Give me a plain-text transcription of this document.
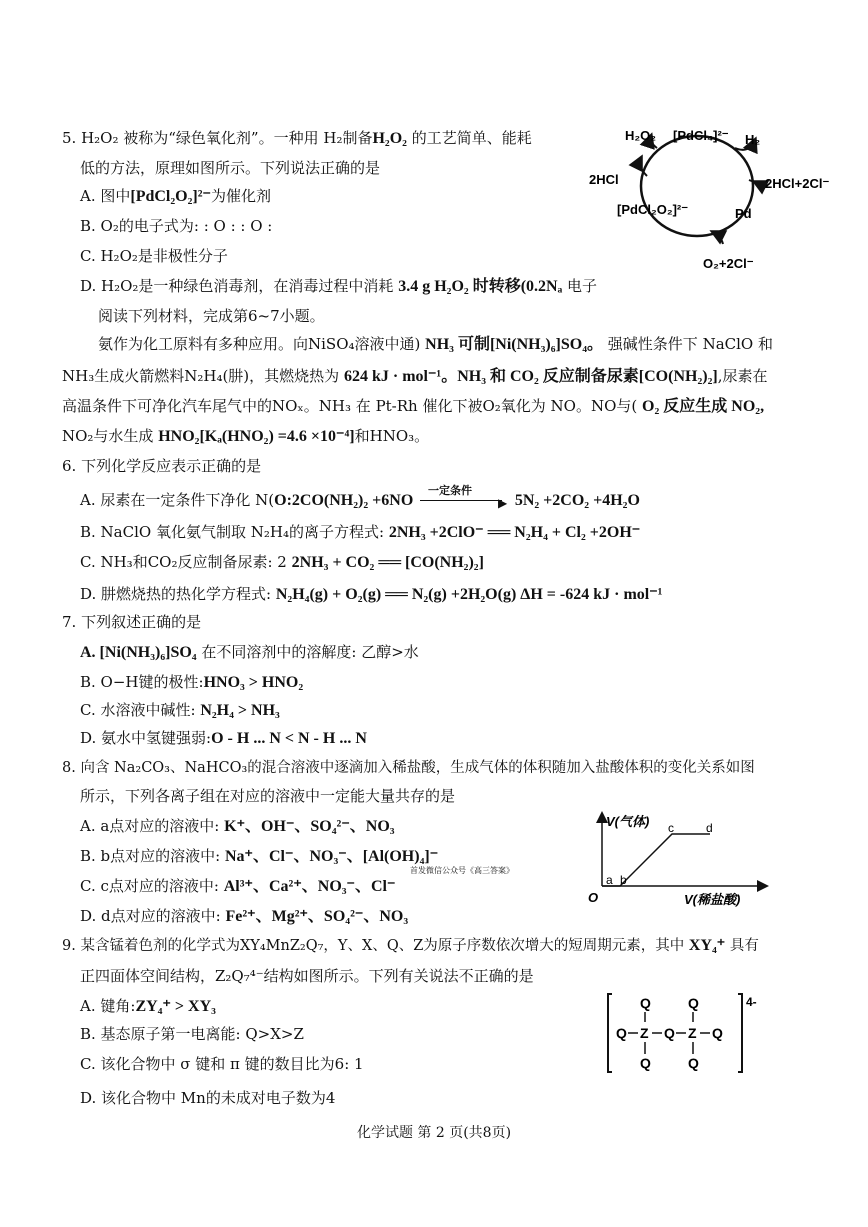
5. H₂O₂ 被称为“绿色氧化剂”。一种用 H₂制备H₂O₂ 的工艺简单、能耗
低的方法，原理如图所示。下列说法正确的是
A. 图中[PdCl₂O₂]²⁻为催化剂
B. O₂的电子式为: : O : : O :
C. H₂O₂是非极性分子
D. H₂O₂是一种绿色消毒剂，在消毒过程中消耗 3.4 g H₂O₂ 时转移(0.2Nₐ 电子
H₂O₂ [PdCl₄]²⁻ H₂
2HCl	2HCl+2Cl⁻
[PdCl₂O₂]²⁻	Pd
O₂+2Cl⁻
阅读下列材料，完成第6~7小题。
氨作为化工原料有多种应用。向NiSO₄溶液中通) NH₃ 可制[Ni(NH₃)₆]SO₄。 强碱性条件下 NaClO 和
NH₃生成火箭燃料N₂H₄(肼)，其燃烧热为 624 kJ · mol⁻¹。NH₃ 和 CO₂ 反应制备尿素[CO(NH₂)₂],尿素在
高温条件下可净化汽车尾气中的NOₓ。NH₃ 在 Pt-Rh 催化下被O₂氧化为 NO。NO与( O₂ 反应生成 NO₂,
NO₂与水生成 HNO₂[Kₐ(HNO₂) =4.6 ×10⁻⁴]和HNO₃。
6. 下列化学反应表示正确的是
A. 尿素在一定条件下净化 N(O:2CO(NH₂)₂ +6NO
一定条件
▶ 5N₂ +2CO₂ +4H₂O
B. NaClO 氧化氨气制取 N₂H₄的离子方程式: 2NH₃ +2ClO⁻ ══ N₂H₄ + Cl₂ +2OH⁻
C. NH₃和CO₂反应制备尿素: 2 2NH₃ + CO₂ ══ [CO(NH₂)₂]
D. 肼燃烧热的热化学方程式: N₂H₄(g) + O₂(g) ══ N₂(g) +2H₂O(g) ΔH = -624 kJ · mol⁻¹
7. 下列叙述正确的是
A. [Ni(NH₃)₆]SO₄ 在不同溶剂中的溶解度: 乙醇>水
B. O−H键的极性:HNO₃ > HNO₂
C. 水溶液中碱性: N₂H₄ > NH₃
D. 氨水中氢键强弱:O - H ... N < N - H ... N
8. 向含 Na₂CO₃、NaHCO₃的混合溶液中逐滴加入稀盐酸，生成气体的体积随加入盐酸体积的变化关系如图
所示，下列各离子组在对应的溶液中一定能大量共存的是
A. a点对应的溶液中: K⁺、OH⁻、SO₄²⁻、NO₃
B. b点对应的溶液中: Na⁺、Cl⁻、NO₃⁻、[Al(OH)₄]⁻
首发微信公众号《高三答案》
C. c点对应的溶液中: Al³⁺、Ca²⁺、NO₃⁻、Cl⁻
D. d点对应的溶液中: Fe²⁺、Mg²⁺、SO₄²⁻、NO₃
V(气体)
V(稀盐酸)
O
a b
c	d
9. 某含锰着色剂的化学式为XY₄MnZ₂Q₇，Y、X、Q、Z为原子序数依次增大的短周期元素，其中 XY₄⁺ 具有
正四面体空间结构，Z₂Q₇⁴⁻结构如图所示。下列有关说法不正确的是
A. 键角:ZY₄⁺ > XY₃
B. 基态原子第一电离能: Q>X>Z
C. 该化合物中 σ 键和 π 键的数目比为6: 1
D. 该化合物中 Mn的未成对电子数为4
4-
Q Z
Q
Q
Q Z
Q
Q
Q
化学试题 第 2 页(共8页)
